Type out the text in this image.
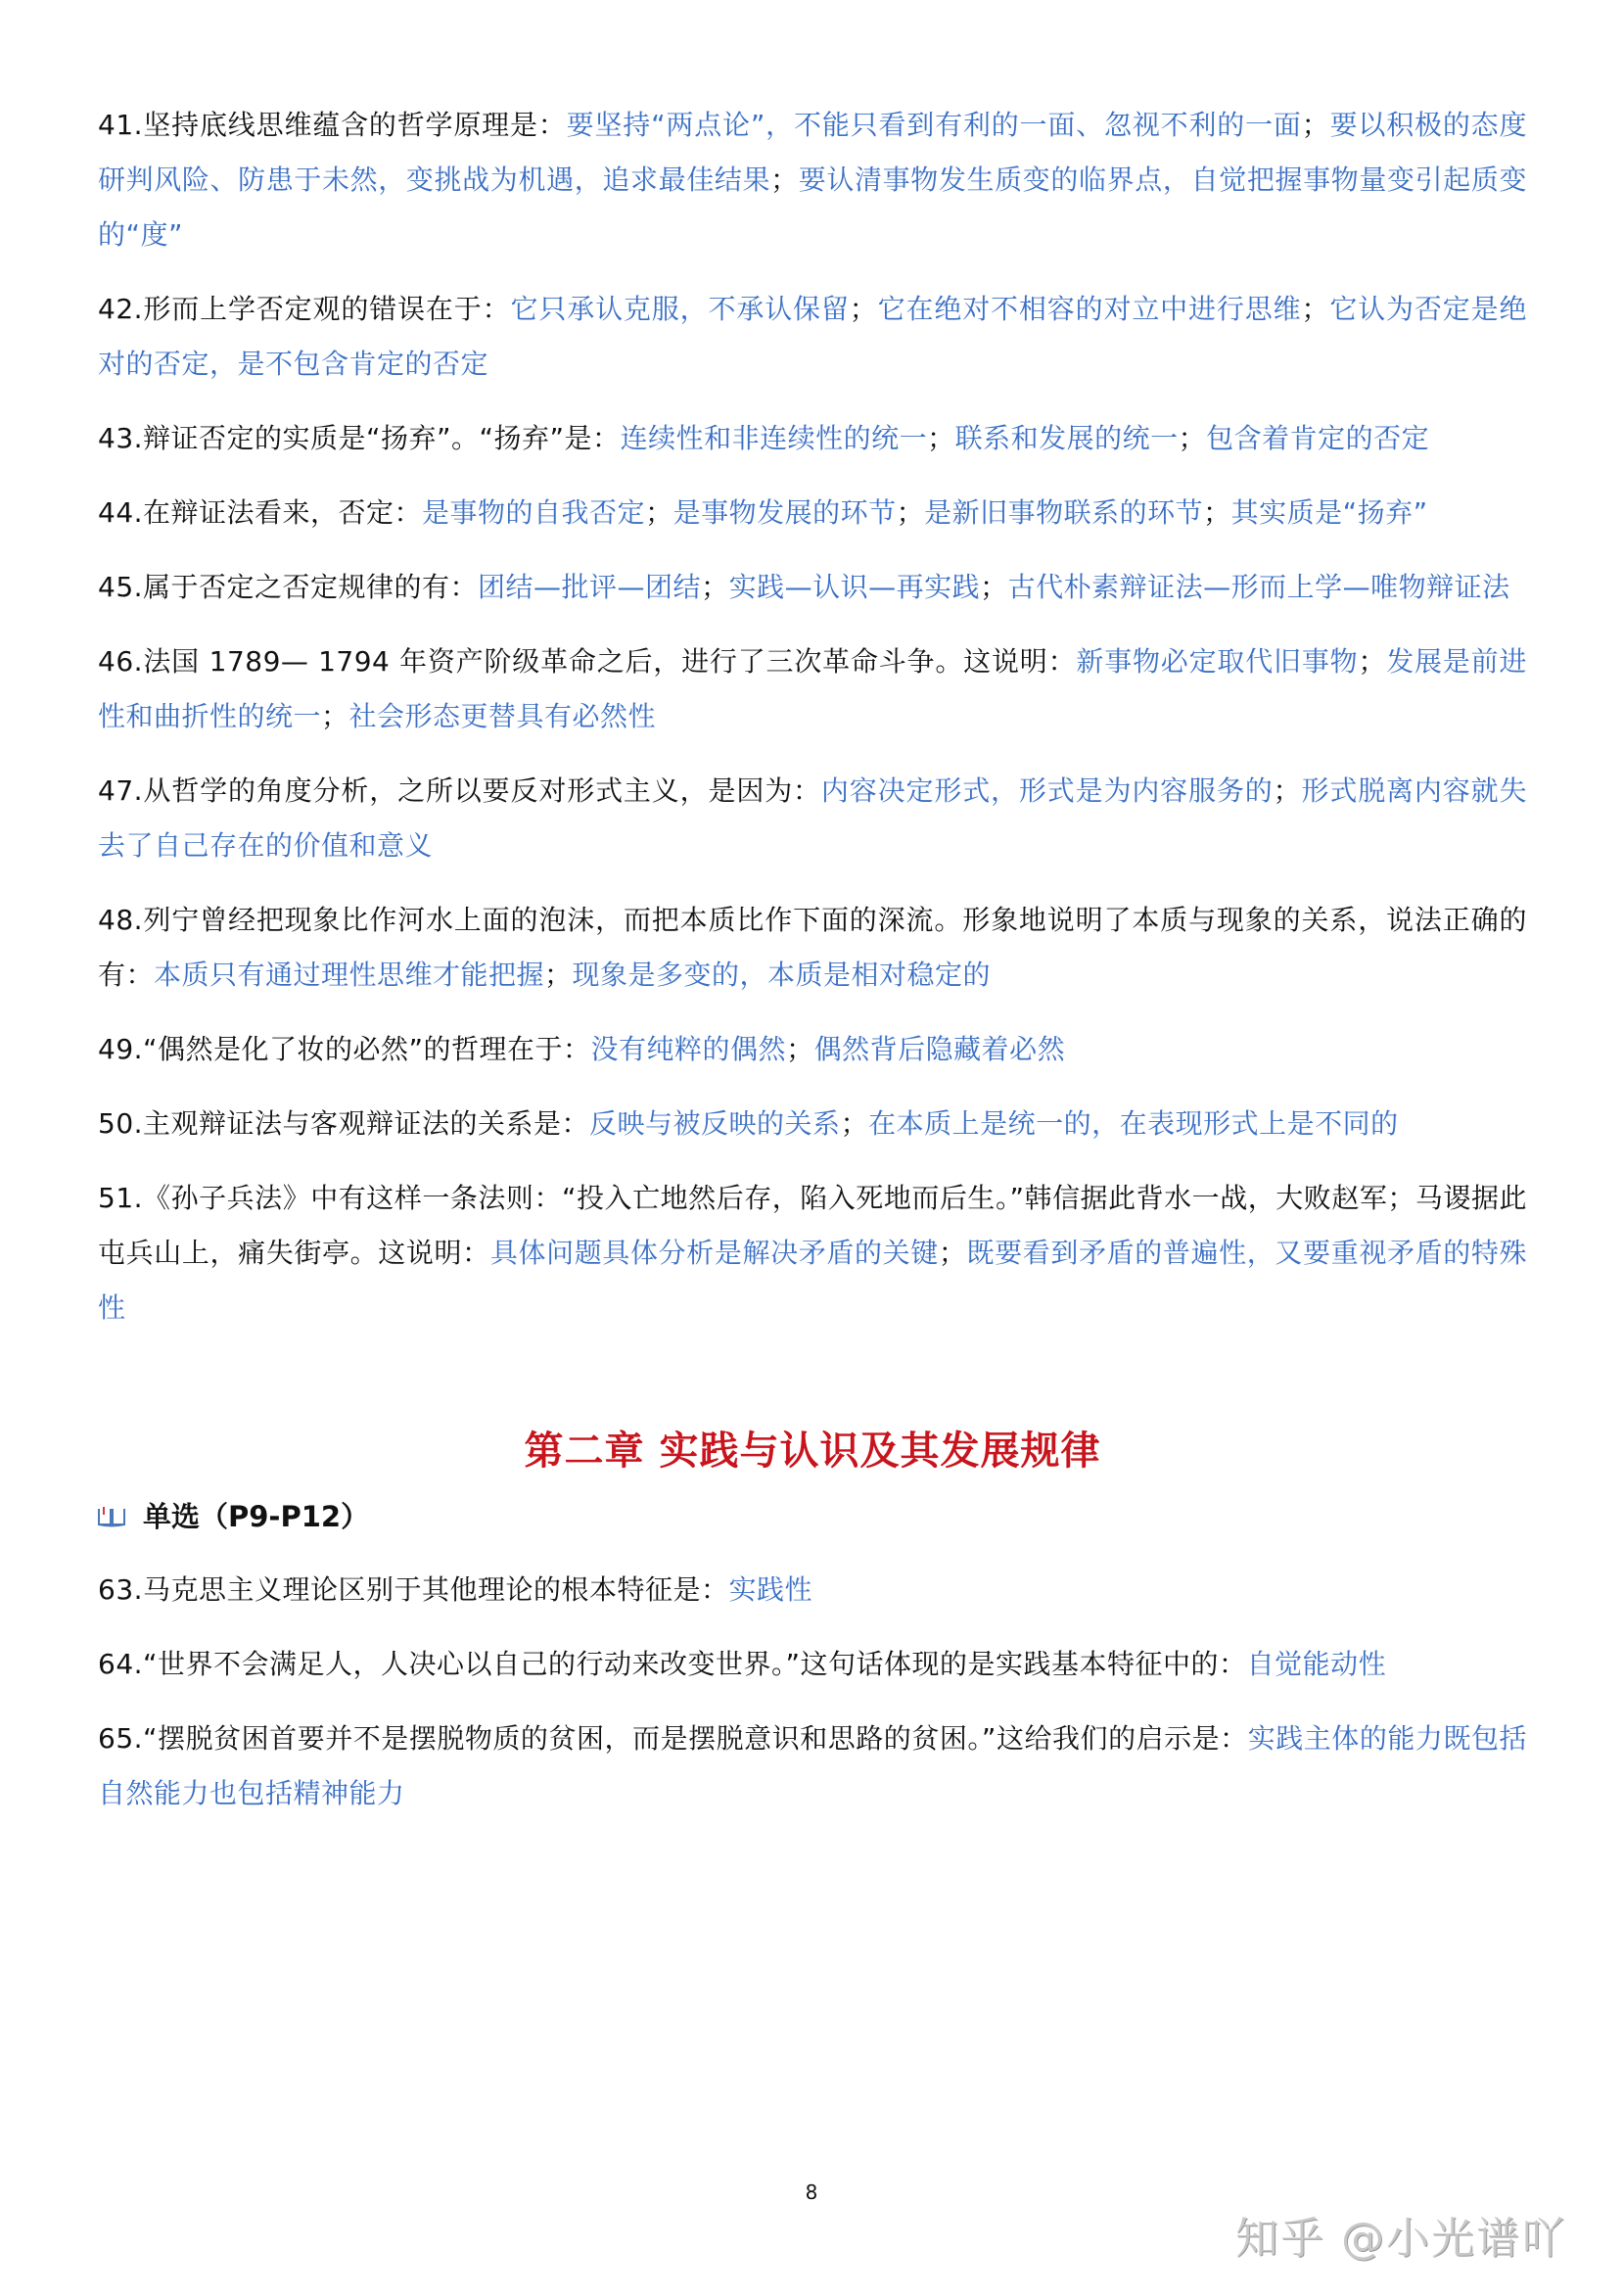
41.坚持底线思维蕴含的哲学原理是：要坚持“两点论”，不能只看到有利的一面、忽视不利的一面；要以积极的态度研判风险、防患于未然，变挑战为机遇，追求最佳结果；要认清事物发生质变的临界点，自觉把握事物量变引起质变的“度”

42.形而上学否定观的错误在于：它只承认克服，不承认保留；它在绝对不相容的对立中进行思维；它认为否定是绝对的否定，是不包含肯定的否定

43.辩证否定的实质是“扬弃”。“扬弃”是：连续性和非连续性的统一；联系和发展的统一；包含着肯定的否定

44.在辩证法看来，否定：是事物的自我否定；是事物发展的环节；是新旧事物联系的环节；其实质是“扬弃”

45.属于否定之否定规律的有：团结—批评—团结；实践—认识—再实践；古代朴素辩证法—形而上学—唯物辩证法

46.法国 1789— 1794 年资产阶级革命之后，进行了三次革命斗争。这说明：新事物必定取代旧事物；发展是前进性和曲折性的统一；社会形态更替具有必然性

47.从哲学的角度分析，之所以要反对形式主义，是因为：内容决定形式，形式是为内容服务的；形式脱离内容就失去了自己存在的价值和意义

48.列宁曾经把现象比作河水上面的泡沫，而把本质比作下面的深流。形象地说明了本质与现象的关系，说法正确的有：本质只有通过理性思维才能把握；现象是多变的，本质是相对稳定的

49.“偶然是化了妆的必然”的哲理在于：没有纯粹的偶然；偶然背后隐藏着必然

50.主观辩证法与客观辩证法的关系是：反映与被反映的关系；在本质上是统一的，在表现形式上是不同的

51.《孙子兵法》中有这样一条法则：“投入亡地然后存，陷入死地而后生。”韩信据此背水一战，大败赵军；马谡据此屯兵山上，痛失街亭。这说明：具体问题具体分析是解决矛盾的关键；既要看到矛盾的普遍性，又要重视矛盾的特殊性

第二章 实践与认识及其发展规律
单选（P9-P12）

63.马克思主义理论区别于其他理论的根本特征是：实践性

64.“世界不会满足人，人决心以自己的行动来改变世界。”这句话体现的是实践基本特征中的：自觉能动性

65.“摆脱贫困首要并不是摆脱物质的贫困，而是摆脱意识和思路的贫困。”这给我们的启示是：实践主体的能力既包括自然能力也包括精神能力

8
知乎 @小光谱吖
